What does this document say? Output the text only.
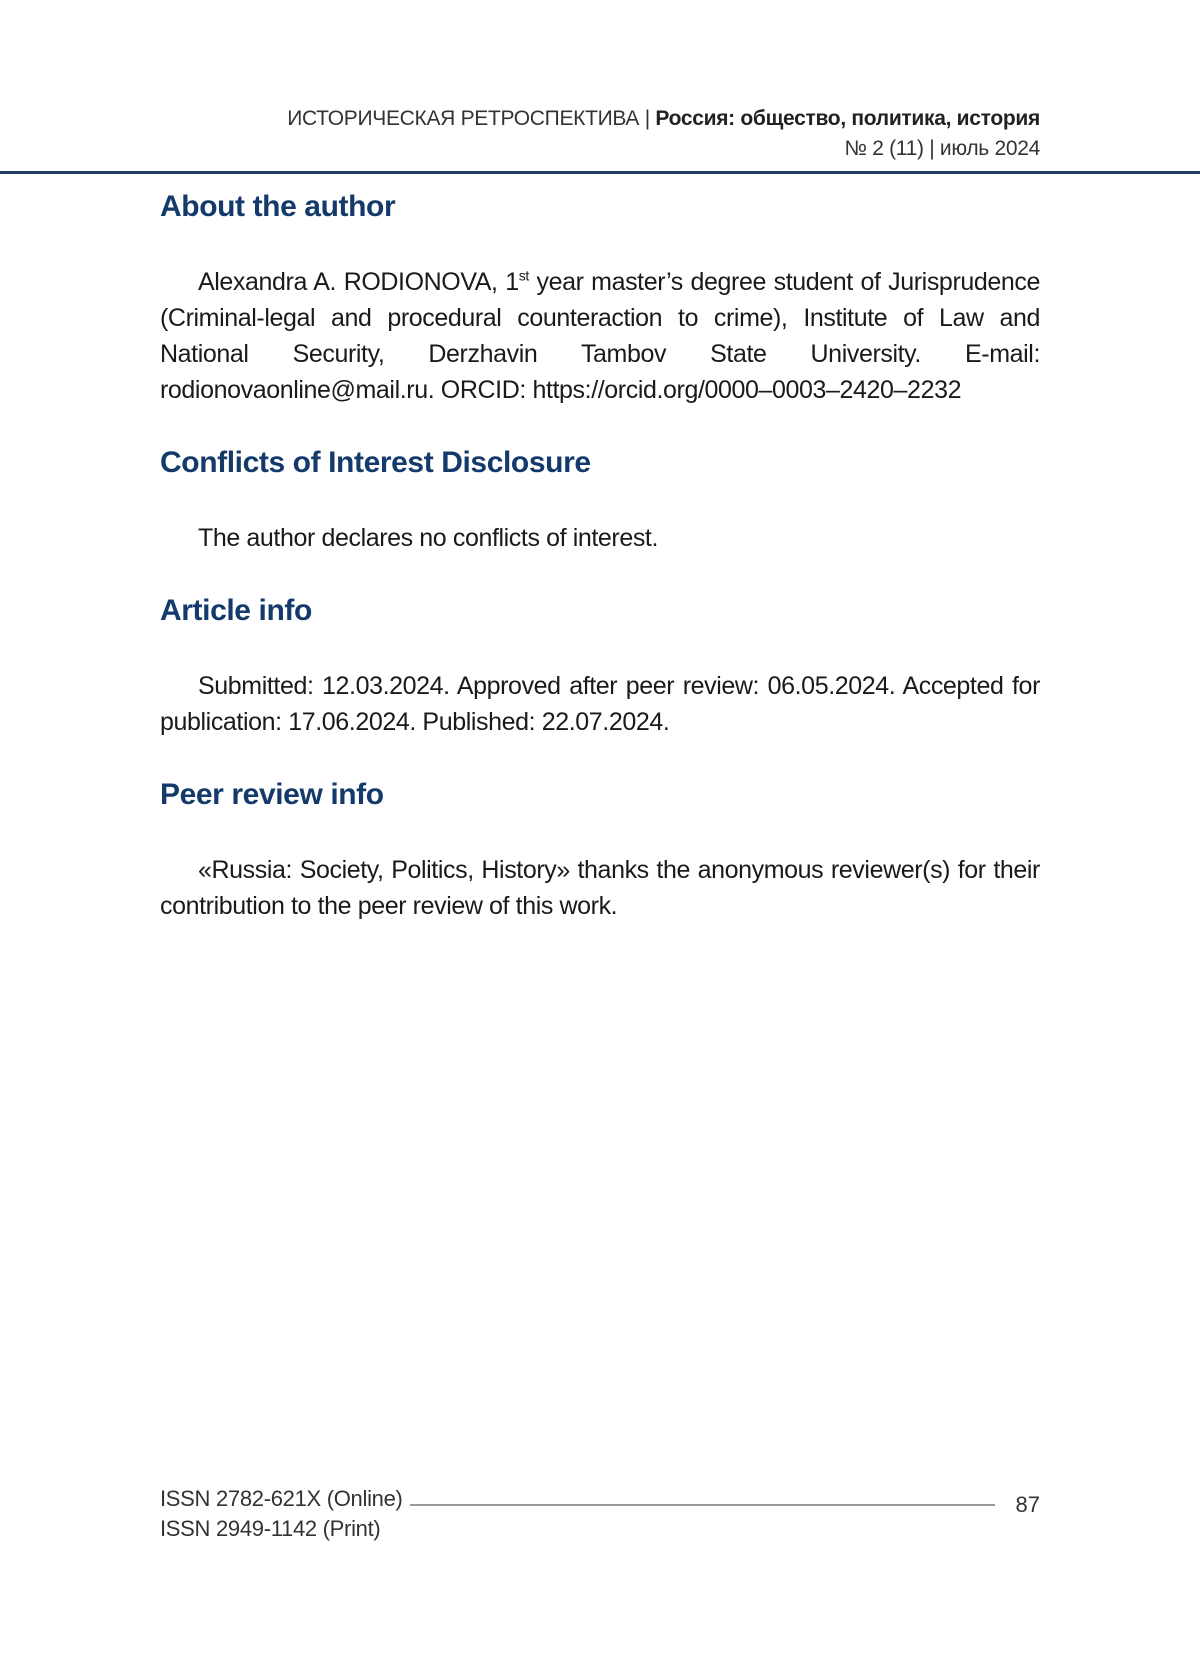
ИСТОРИЧЕСКАЯ РЕТРОСПЕКТИВА | Россия: общество, политика, история
№ 2 (11) | июль 2024
About the author

Alexandra A. RODIONOVA, 1st year master’s degree student of Jurisprudence (Criminal-legal and procedural counteraction to crime), Institute of Law and National Security, Derzhavin Tambov State University. E-mail: rodionovaonline@mail.ru. ORCID: https://orcid.org/0000–0003–2420–2232

Conflicts of Interest Disclosure

The author declares no conflicts of interest.

Article info

Submitted: 12.03.2024. Approved after peer review: 06.05.2024. Accepted for publication: 17.06.2024. Published: 22.07.2024.

Peer review info

«Russia: Society, Politics, History» thanks the anonymous reviewer(s) for their contribution to the peer review of this work.

ISSN 2782-621X (Online)
ISSN 2949-1142 (Print)
87
